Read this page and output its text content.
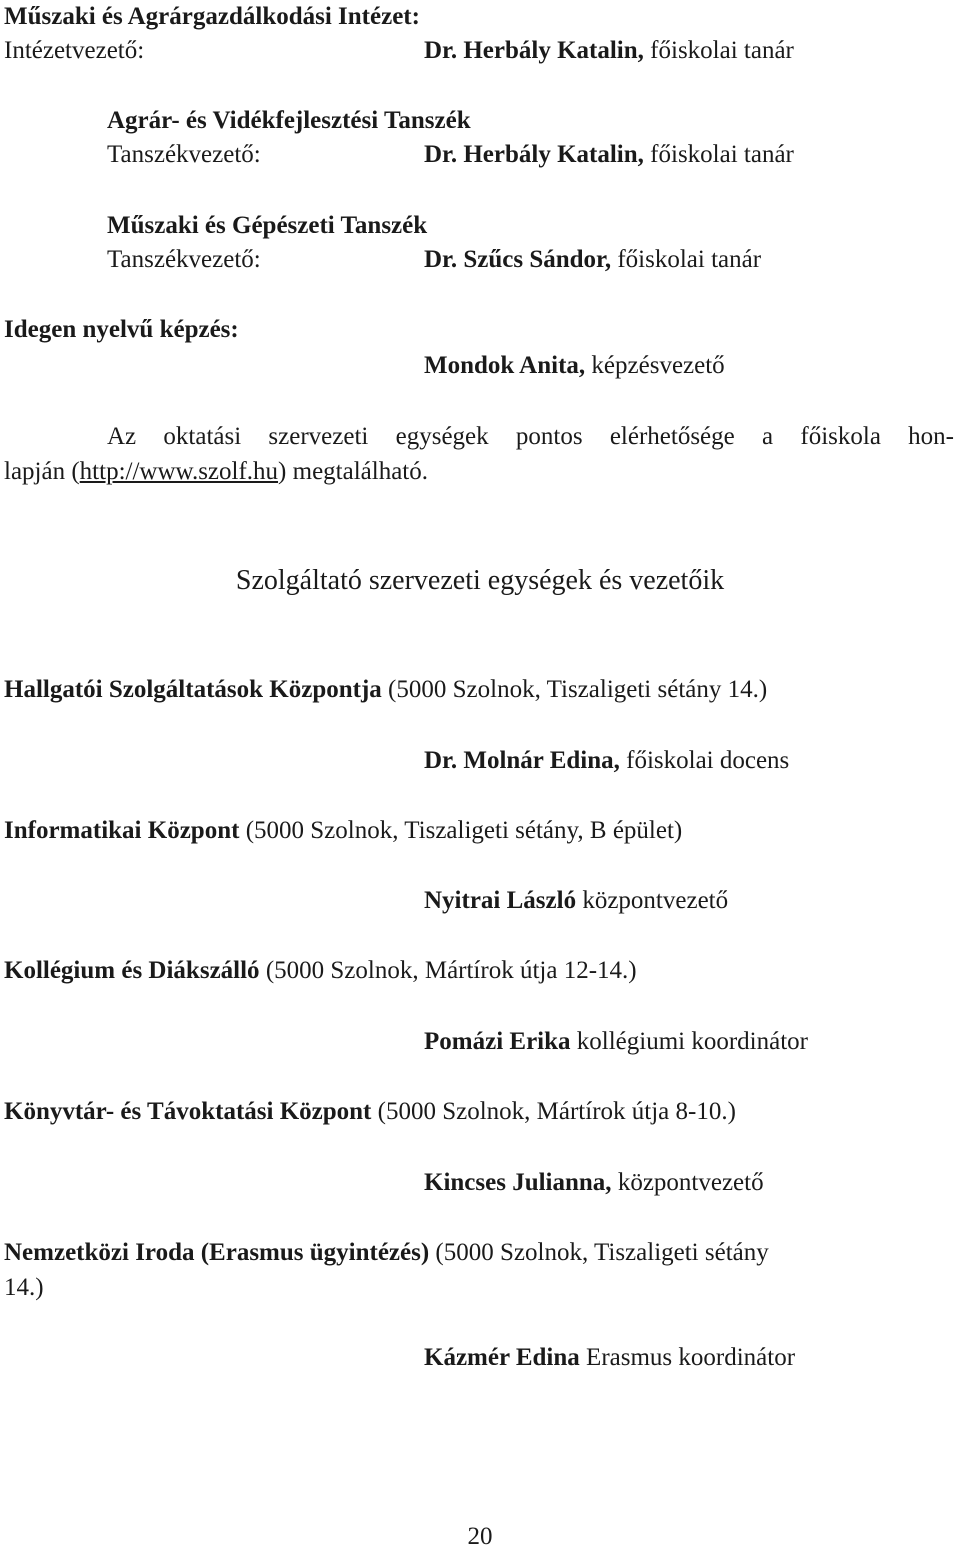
Műszaki és Agrárgazdálkodási Intézet:
Intézetvezető:	Dr. Herbály Katalin, főiskolai tanár
Agrár- és Vidékfejlesztési Tanszék
Tanszékvezető:	Dr. Herbály Katalin, főiskolai tanár
Műszaki és Gépészeti Tanszék
Tanszékvezető:	Dr. Szűcs Sándor, főiskolai tanár
Idegen nyelvű képzés:
Mondok Anita, képzésvezető
Az oktatási szervezeti egységek pontos elérhetősége a főiskola hon-
lapján (http://www.szolf.hu) megtalálható.
Szolgáltató szervezeti egységek és vezetőik
Hallgatói Szolgáltatások Központja (5000 Szolnok, Tiszaligeti sétány 14.)
Dr. Molnár Edina, főiskolai docens
Informatikai Központ (5000 Szolnok, Tiszaligeti sétány, B épület)
Nyitrai László központvezető
Kollégium és Diákszálló (5000 Szolnok, Mártírok útja 12-14.)
Pomázi Erika kollégiumi koordinátor
Könyvtár- és Távoktatási Központ (5000 Szolnok, Mártírok útja 8-10.)
Kincses Julianna, központvezető
Nemzetközi Iroda (Erasmus ügyintézés) (5000 Szolnok, Tiszaligeti sétány
14.)
Kázmér Edina Erasmus koordinátor
20
